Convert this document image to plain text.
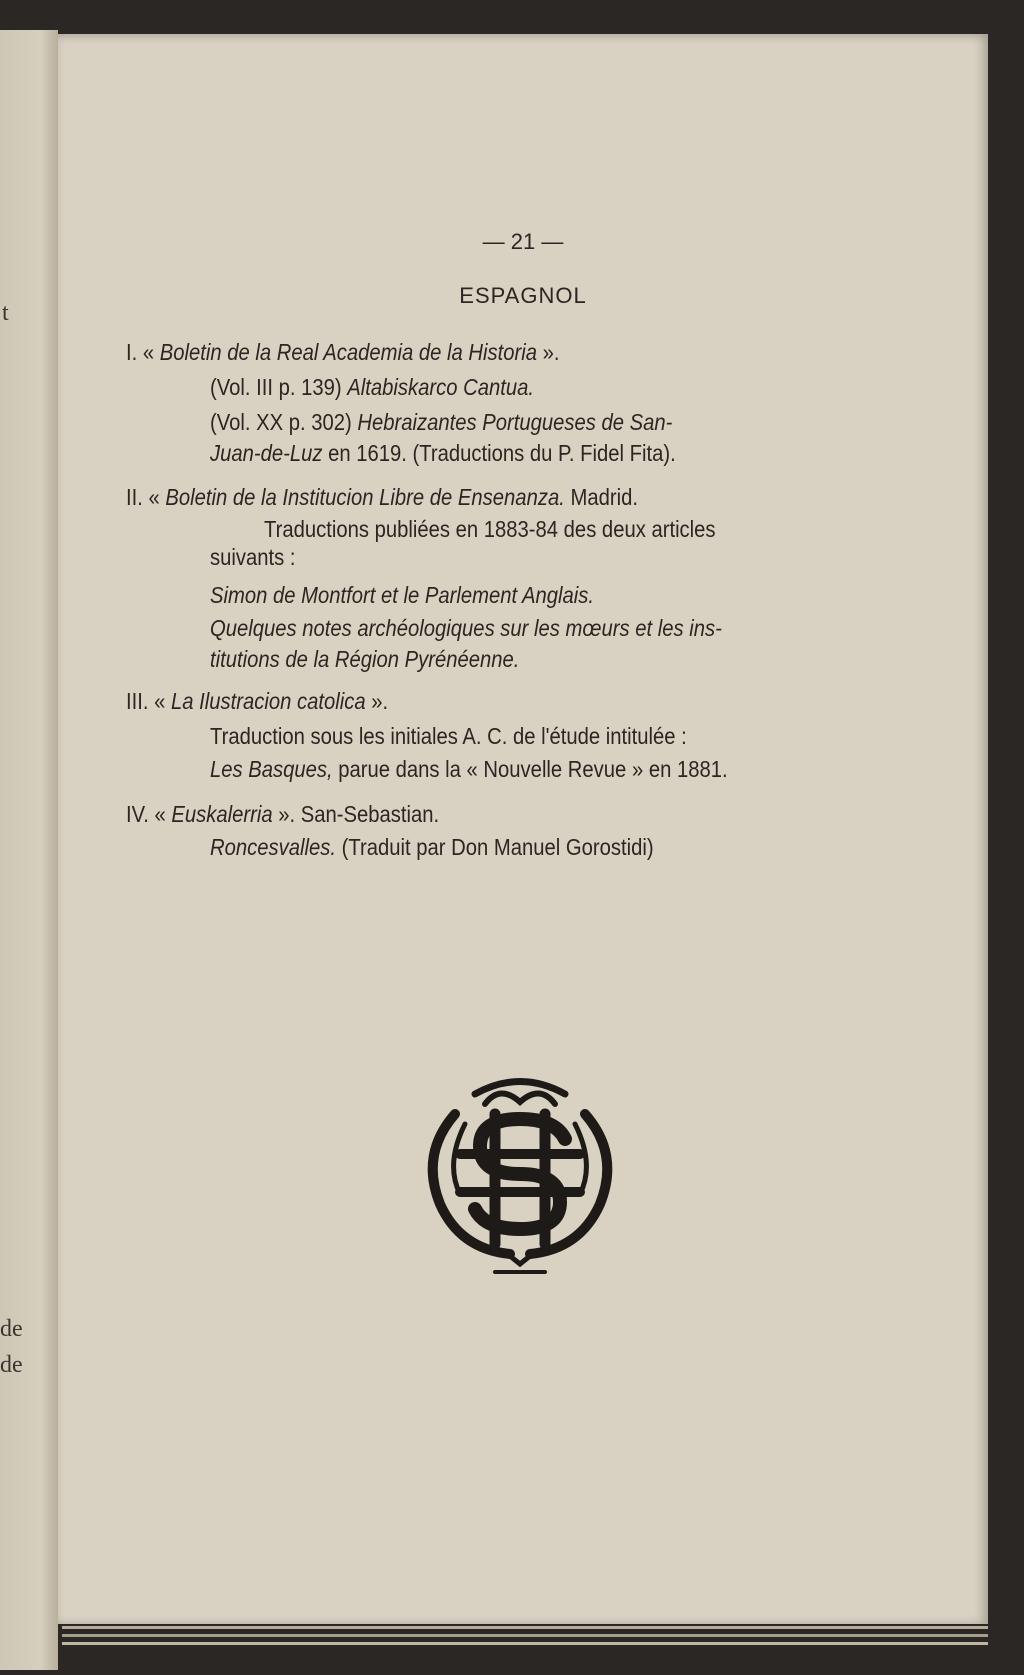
t
de
de
— 21 —
ESPAGNOL
I. « Boletin de la Real Academia de la Historia ».
(Vol. III p. 139) Altabiskarco Cantua.
(Vol. XX p. 302) Hebraizantes Portugueses de San-
Juan-de-Luz en 1619. (Traductions du P. Fidel Fita).
II. « Boletin de la Institucion Libre de Ensenanza. Madrid.
Traductions publiées en 1883-84 des deux articles
suivants :
Simon de Montfort et le Parlement Anglais.
Quelques notes archéologiques sur les mœurs et les ins-
titutions de la Région Pyrénéenne.
III. « La Ilustracion catolica ».
Traduction sous les initiales A. C. de l'étude intitulée :
Les Basques, parue dans la « Nouvelle Revue » en 1881.
IV. « Euskalerria ». San-Sebastian.
Roncesvalles. (Traduit par Don Manuel Gorostidi)
